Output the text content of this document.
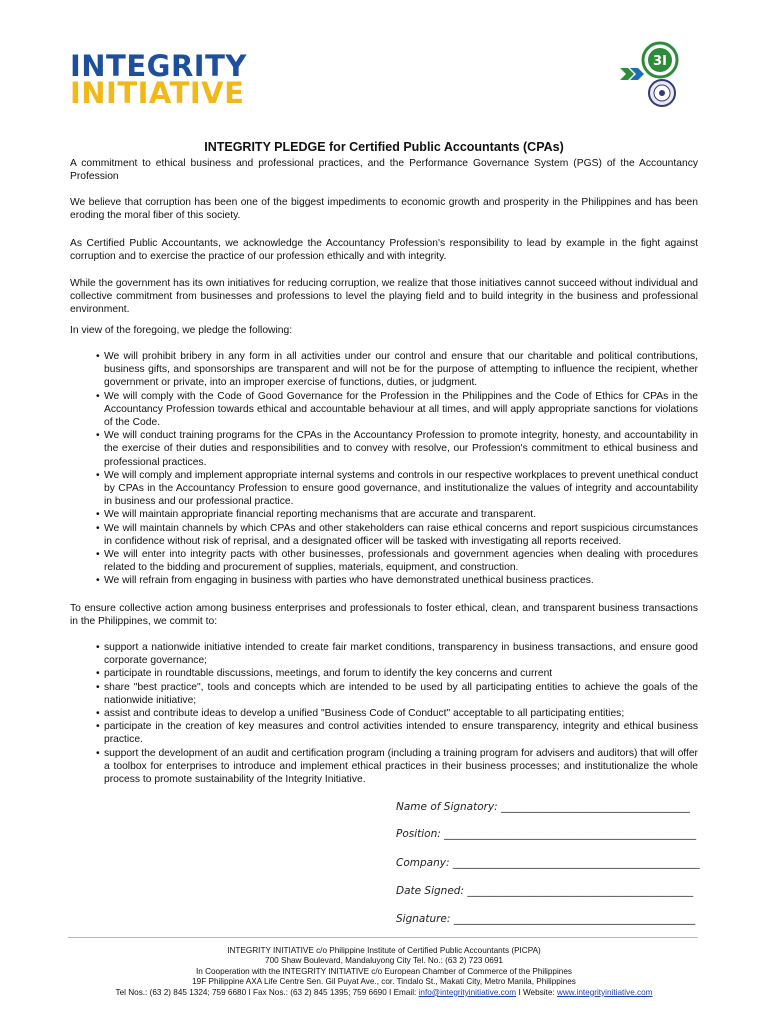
INTEGRITY
INITIATIVE
3I
INTEGRITY PLEDGE for Certified Public Accountants (CPAs)
A commitment to ethical business and professional practices, and the Performance Governance System (PGS) of the Accountancy Profession
We believe that corruption has been one of the biggest impediments to economic growth and prosperity in the Philippines and has been eroding the moral fiber of this society.
As Certified Public Accountants, we acknowledge the Accountancy Profession's responsibility to lead by example in the fight against corruption and to exercise the practice of our profession ethically and with integrity.
While the government has its own initiatives for reducing corruption, we realize that those initiatives cannot succeed without individual and collective commitment from businesses and professions to level the playing field and to build integrity in the business and professional environment.
In view of the foregoing, we pledge the following:
• We will prohibit bribery in any form in all activities under our control and ensure that our charitable and political contributions, business gifts, and sponsorships are transparent and will not be for the purpose of attempting to influence the recipient, whether government or private, into an improper exercise of functions, duties, or judgment.
• We will comply with the Code of Good Governance for the Profession in the Philippines and the Code of Ethics for CPAs in the Accountancy Profession towards ethical and accountable behaviour at all times, and will apply appropriate sanctions for violations of the Code.
• We will conduct training programs for the CPAs in the Accountancy Profession to promote integrity, honesty, and accountability in the exercise of their duties and responsibilities and to convey with resolve, our Profession's commitment to ethical business and professional practices.
• We will comply and implement appropriate internal systems and controls in our respective workplaces to prevent unethical conduct by CPAs in the Accountancy Profession to ensure good governance, and institutionalize the values of integrity and accountability in business and our professional practice.
• We will maintain appropriate financial reporting mechanisms that are accurate and transparent.
• We will maintain channels by which CPAs and other stakeholders can raise ethical concerns and report suspicious circumstances in confidence without risk of reprisal, and a designated officer will be tasked with investigating all reports received.
• We will enter into integrity pacts with other businesses, professionals and government agencies when dealing with procedures related to the bidding and procurement of supplies, materials, equipment, and construction.
• We will refrain from engaging in business with parties who have demonstrated unethical business practices.
To ensure collective action among business enterprises and professionals to foster ethical, clean, and transparent business transactions in the Philippines, we commit to:
• support a nationwide initiative intended to create fair market conditions, transparency in business transactions, and ensure good corporate governance;
• participate in roundtable discussions, meetings, and forum to identify the key concerns and current
• share "best practice", tools and concepts which are intended to be used by all participating entities to achieve the goals of the nationwide initiative;
• assist and contribute ideas to develop a unified "Business Code of Conduct" acceptable to all participating entities;
• participate in the creation of key measures and control activities intended to ensure transparency, integrity and ethical business practice.
• support the development of an audit and certification program (including a training program for advisers and auditors) that will offer a toolbox for enterprises to introduce and implement ethical practices in their business processes; and institutionalize the whole process to promote sustainability of the Integrity Initiative.
Name of Signatory: ____________________________________
Position: ________________________________________________
Company: _______________________________________________
Date Signed: ___________________________________________
Signature: ______________________________________________
INTEGRITY INITIATIVE c/o Philippine Institute of Certified Public Accountants (PICPA)
700 Shaw Boulevard, Mandaluyong City Tel. No.: (63 2) 723 0691
In Cooperation with the INTEGRITY INITIATIVE c/o European Chamber of Commerce of the Philippines
19F Philippine AXA Life Centre Sen. Gil Puyat Ave., cor. Tindalo St., Makati City, Metro Manila, Philippines
Tel Nos.: (63 2) 845 1324; 759 6680 I Fax Nos.: (63 2) 845 1395; 759 6690 I Email: info@integrityinitiative.com I Website: www.integrityinitiative.com
